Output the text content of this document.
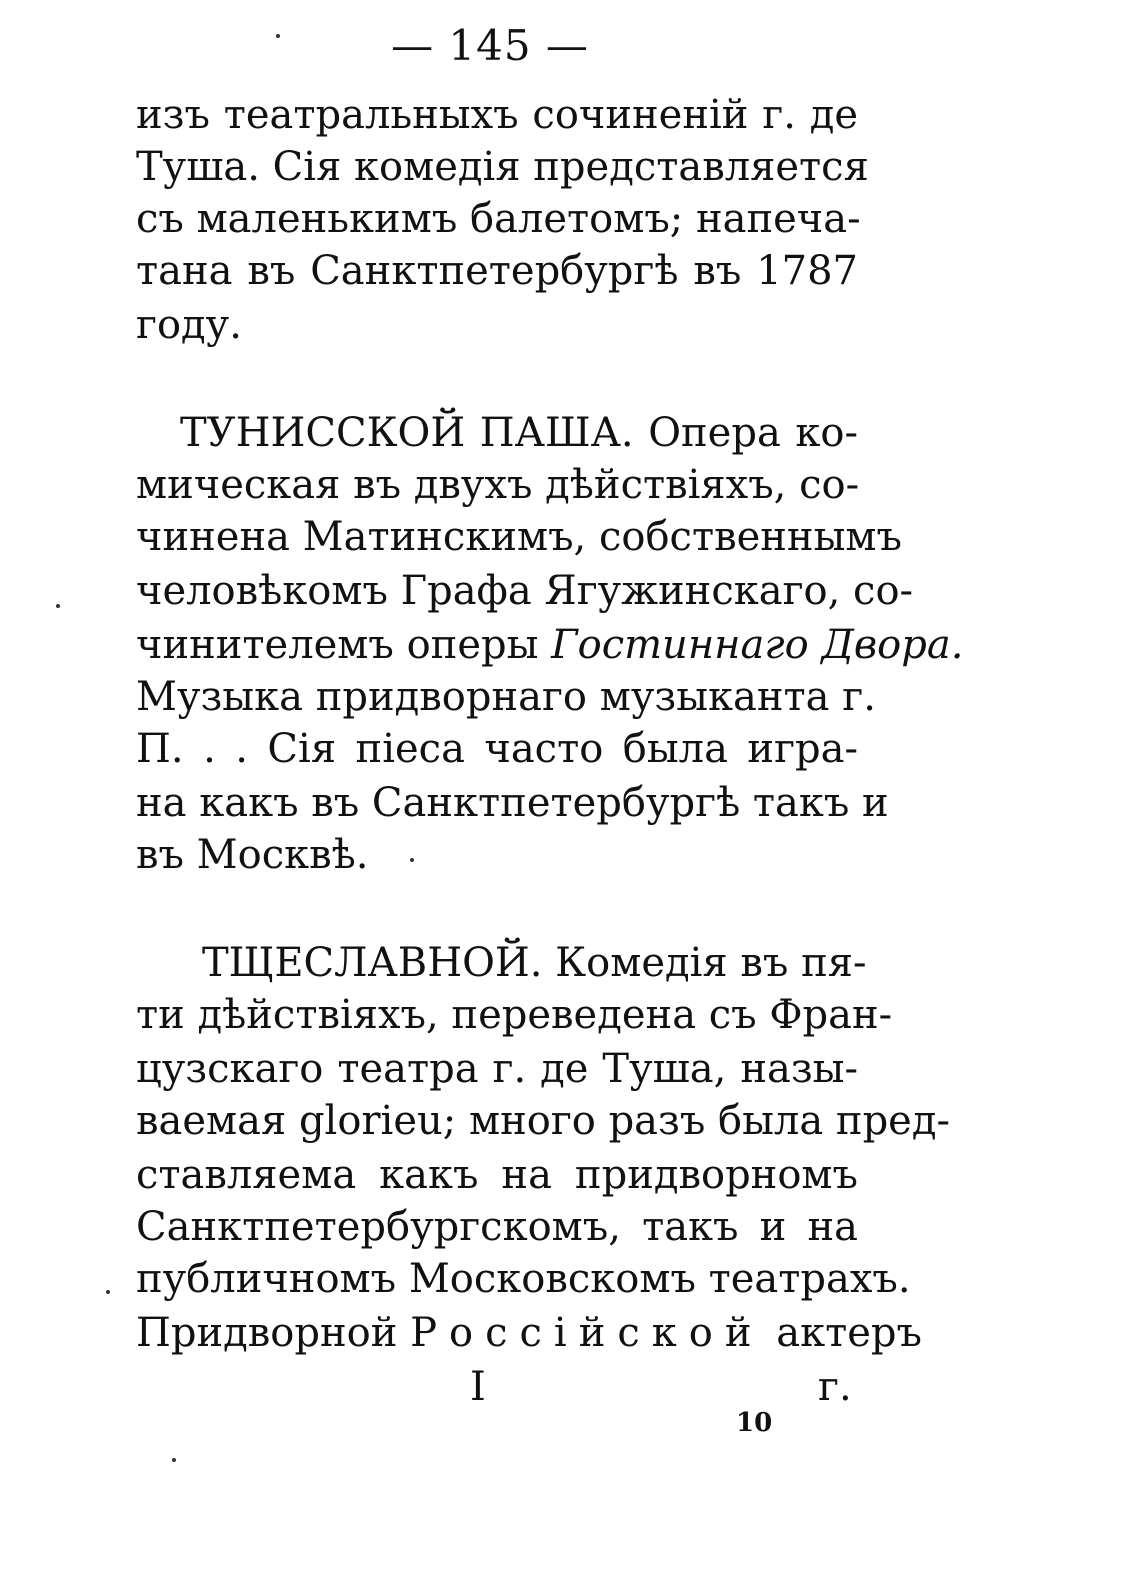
— 145 —
изъ театральныхъ сочиненій г. де
Туша. Сія комедія представляется
съ маленькимъ балетомъ; напеча-
тана въ Санктпетербургѣ въ 1787
году.
ТУНИССКОЙ ПАША. Опера ко-
мическая въ двухъ дѣйствіяхъ, со-
чинена Матинскимъ, собственнымъ
человѣкомъ Графа Ягужинскаго, со-
чинителемъ оперы Гостиннаго Двора.
Музыка придворнаго музыканта г.
П. . . Сія піеса часто была игра-
на какъ въ Санктпетербургѣ такъ и
въ Москвѣ.
ТЩЕСЛАВНОЙ. Комедія въ пя-
ти дѣйствіяхъ, переведена съ Фран-
цузскаго театра г. де Туша, назы-
ваемая glorieu; много разъ была пред-
ставляема какъ на придворномъ
Санктпетербургскомъ, такъ и на
публичномъ Московскомъ театрахъ.
Придворной Россійской актеръ
I	г.
10
